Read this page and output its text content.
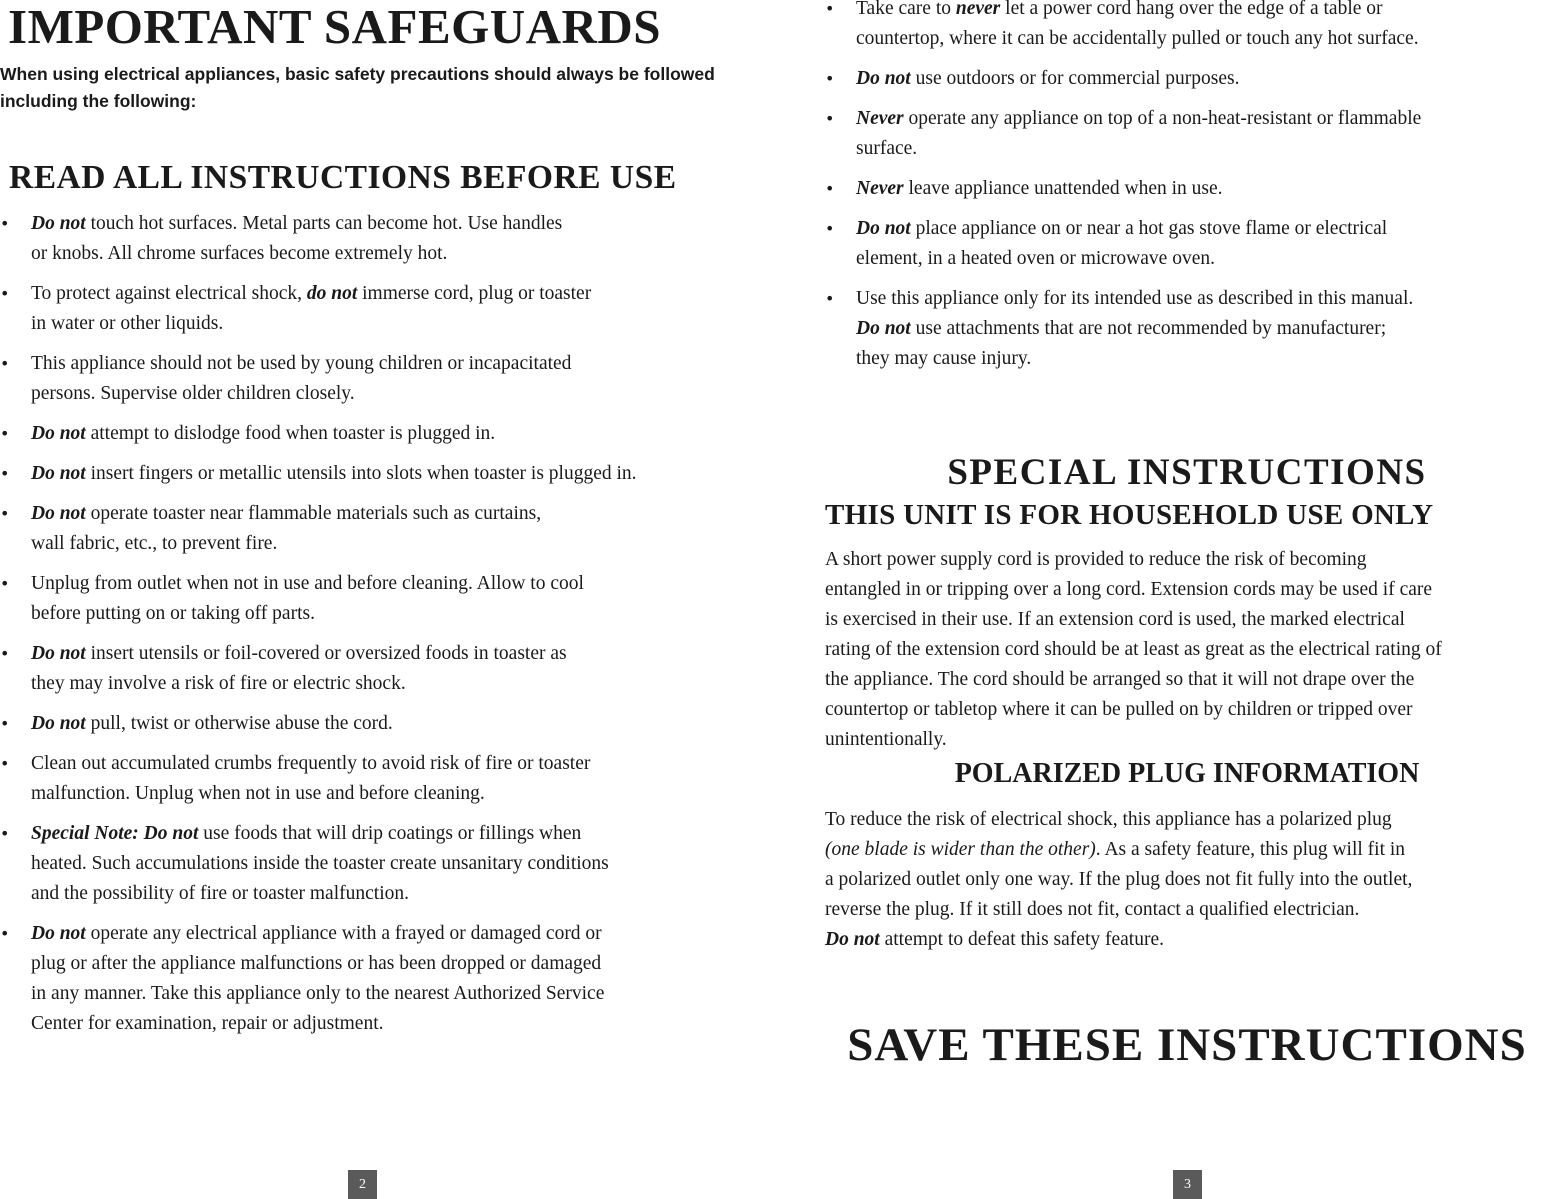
IMPORTANT SAFEGUARDS

When using electrical appliances, basic safety precautions should always be followed including the following:

READ ALL INSTRUCTIONS BEFORE USE
•	Do not touch hot surfaces. Metal parts can become hot. Use handles
or knobs. All chrome surfaces become extremely hot.
•	To protect against electrical shock, do not immerse cord, plug or toaster
in water or other liquids.
•	This appliance should not be used by young children or incapacitated
persons. Supervise older children closely.
•	Do not attempt to dislodge food when toaster is plugged in.
•	Do not insert fingers or metallic utensils into slots when toaster is plugged in.
•	Do not operate toaster near flammable materials such as curtains,
wall fabric, etc., to prevent fire.
•	Unplug from outlet when not in use and before cleaning. Allow to cool
before putting on or taking off parts.
•	Do not insert utensils or foil-covered or oversized foods in toaster as
they may involve a risk of fire or electric shock.
•	Do not pull, twist or otherwise abuse the cord.
•	Clean out accumulated crumbs frequently to avoid risk of fire or toaster
malfunction. Unplug when not in use and before cleaning.
•	Special Note: Do not use foods that will drip coatings or fillings when
heated. Such accumulations inside the toaster create unsanitary conditions
and the possibility of fire or toaster malfunction.
•	Do not operate any electrical appliance with a frayed or damaged cord or
plug or after the appliance malfunctions or has been dropped or damaged
in any manner. Take this appliance only to the nearest Authorized Service
Center for examination, repair or adjustment.
2
•	Take care to never let a power cord hang over the edge of a table or
countertop, where it can be accidentally pulled or touch any hot surface.
•	Do not use outdoors or for commercial purposes.
•	Never operate any appliance on top of a non-heat-resistant or flammable
surface.
•	Never leave appliance unattended when in use.
•	Do not place appliance on or near a hot gas stove flame or electrical
element, in a heated oven or microwave oven.
•	Use this appliance only for its intended use as described in this manual.
Do not use attachments that are not recommended by manufacturer;
they may cause injury.
SPECIAL INSTRUCTIONS
THIS UNIT IS FOR HOUSEHOLD USE ONLY

A short power supply cord is provided to reduce the risk of becoming
entangled in or tripping over a long cord. Extension cords may be used if care
is exercised in their use. If an extension cord is used, the marked electrical
rating of the extension cord should be at least as great as the electrical rating of
the appliance. The cord should be arranged so that it will not drape over the
countertop or tabletop where it can be pulled on by children or tripped over
unintentionally.

POLARIZED PLUG INFORMATION

To reduce the risk of electrical shock, this appliance has a polarized plug
(one blade is wider than the other). As a safety feature, this plug will fit in
a polarized outlet only one way. If the plug does not fit fully into the outlet,
reverse the plug. If it still does not fit, contact a qualified electrician.
Do not attempt to defeat this safety feature.

SAVE THESE INSTRUCTIONS
3
